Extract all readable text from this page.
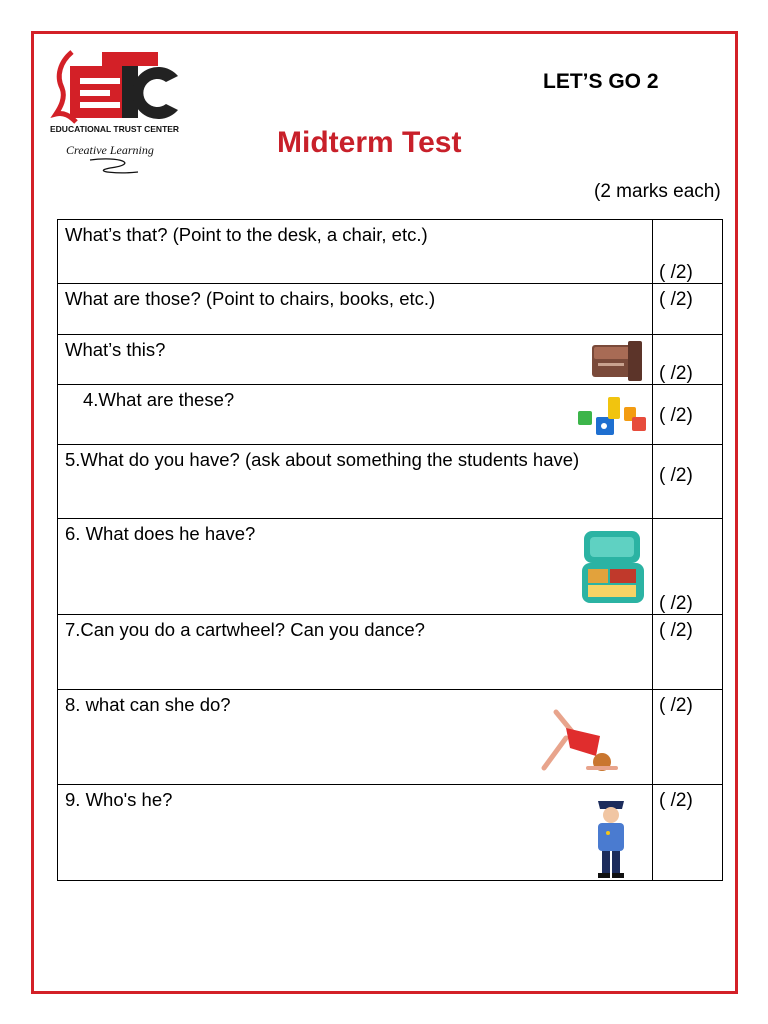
EDUCATIONAL TRUST CENTER
Creative Learning
LET’S GO 2
Midterm Test
(2 marks each)
What’s that? (Point to the desk, a chair, etc.)	( /2)

What are those? (Point to chairs, books, etc.)	( /2)

What’s this?	( /2)

4.What are these?	( /2)

5.What do you have? (ask about something the students have)	( /2)

6. What does he have?	( /2)

7.Can you do a cartwheel? Can you dance?	( /2)

8. what can she do?	( /2)

9. Who's he?	( /2)
